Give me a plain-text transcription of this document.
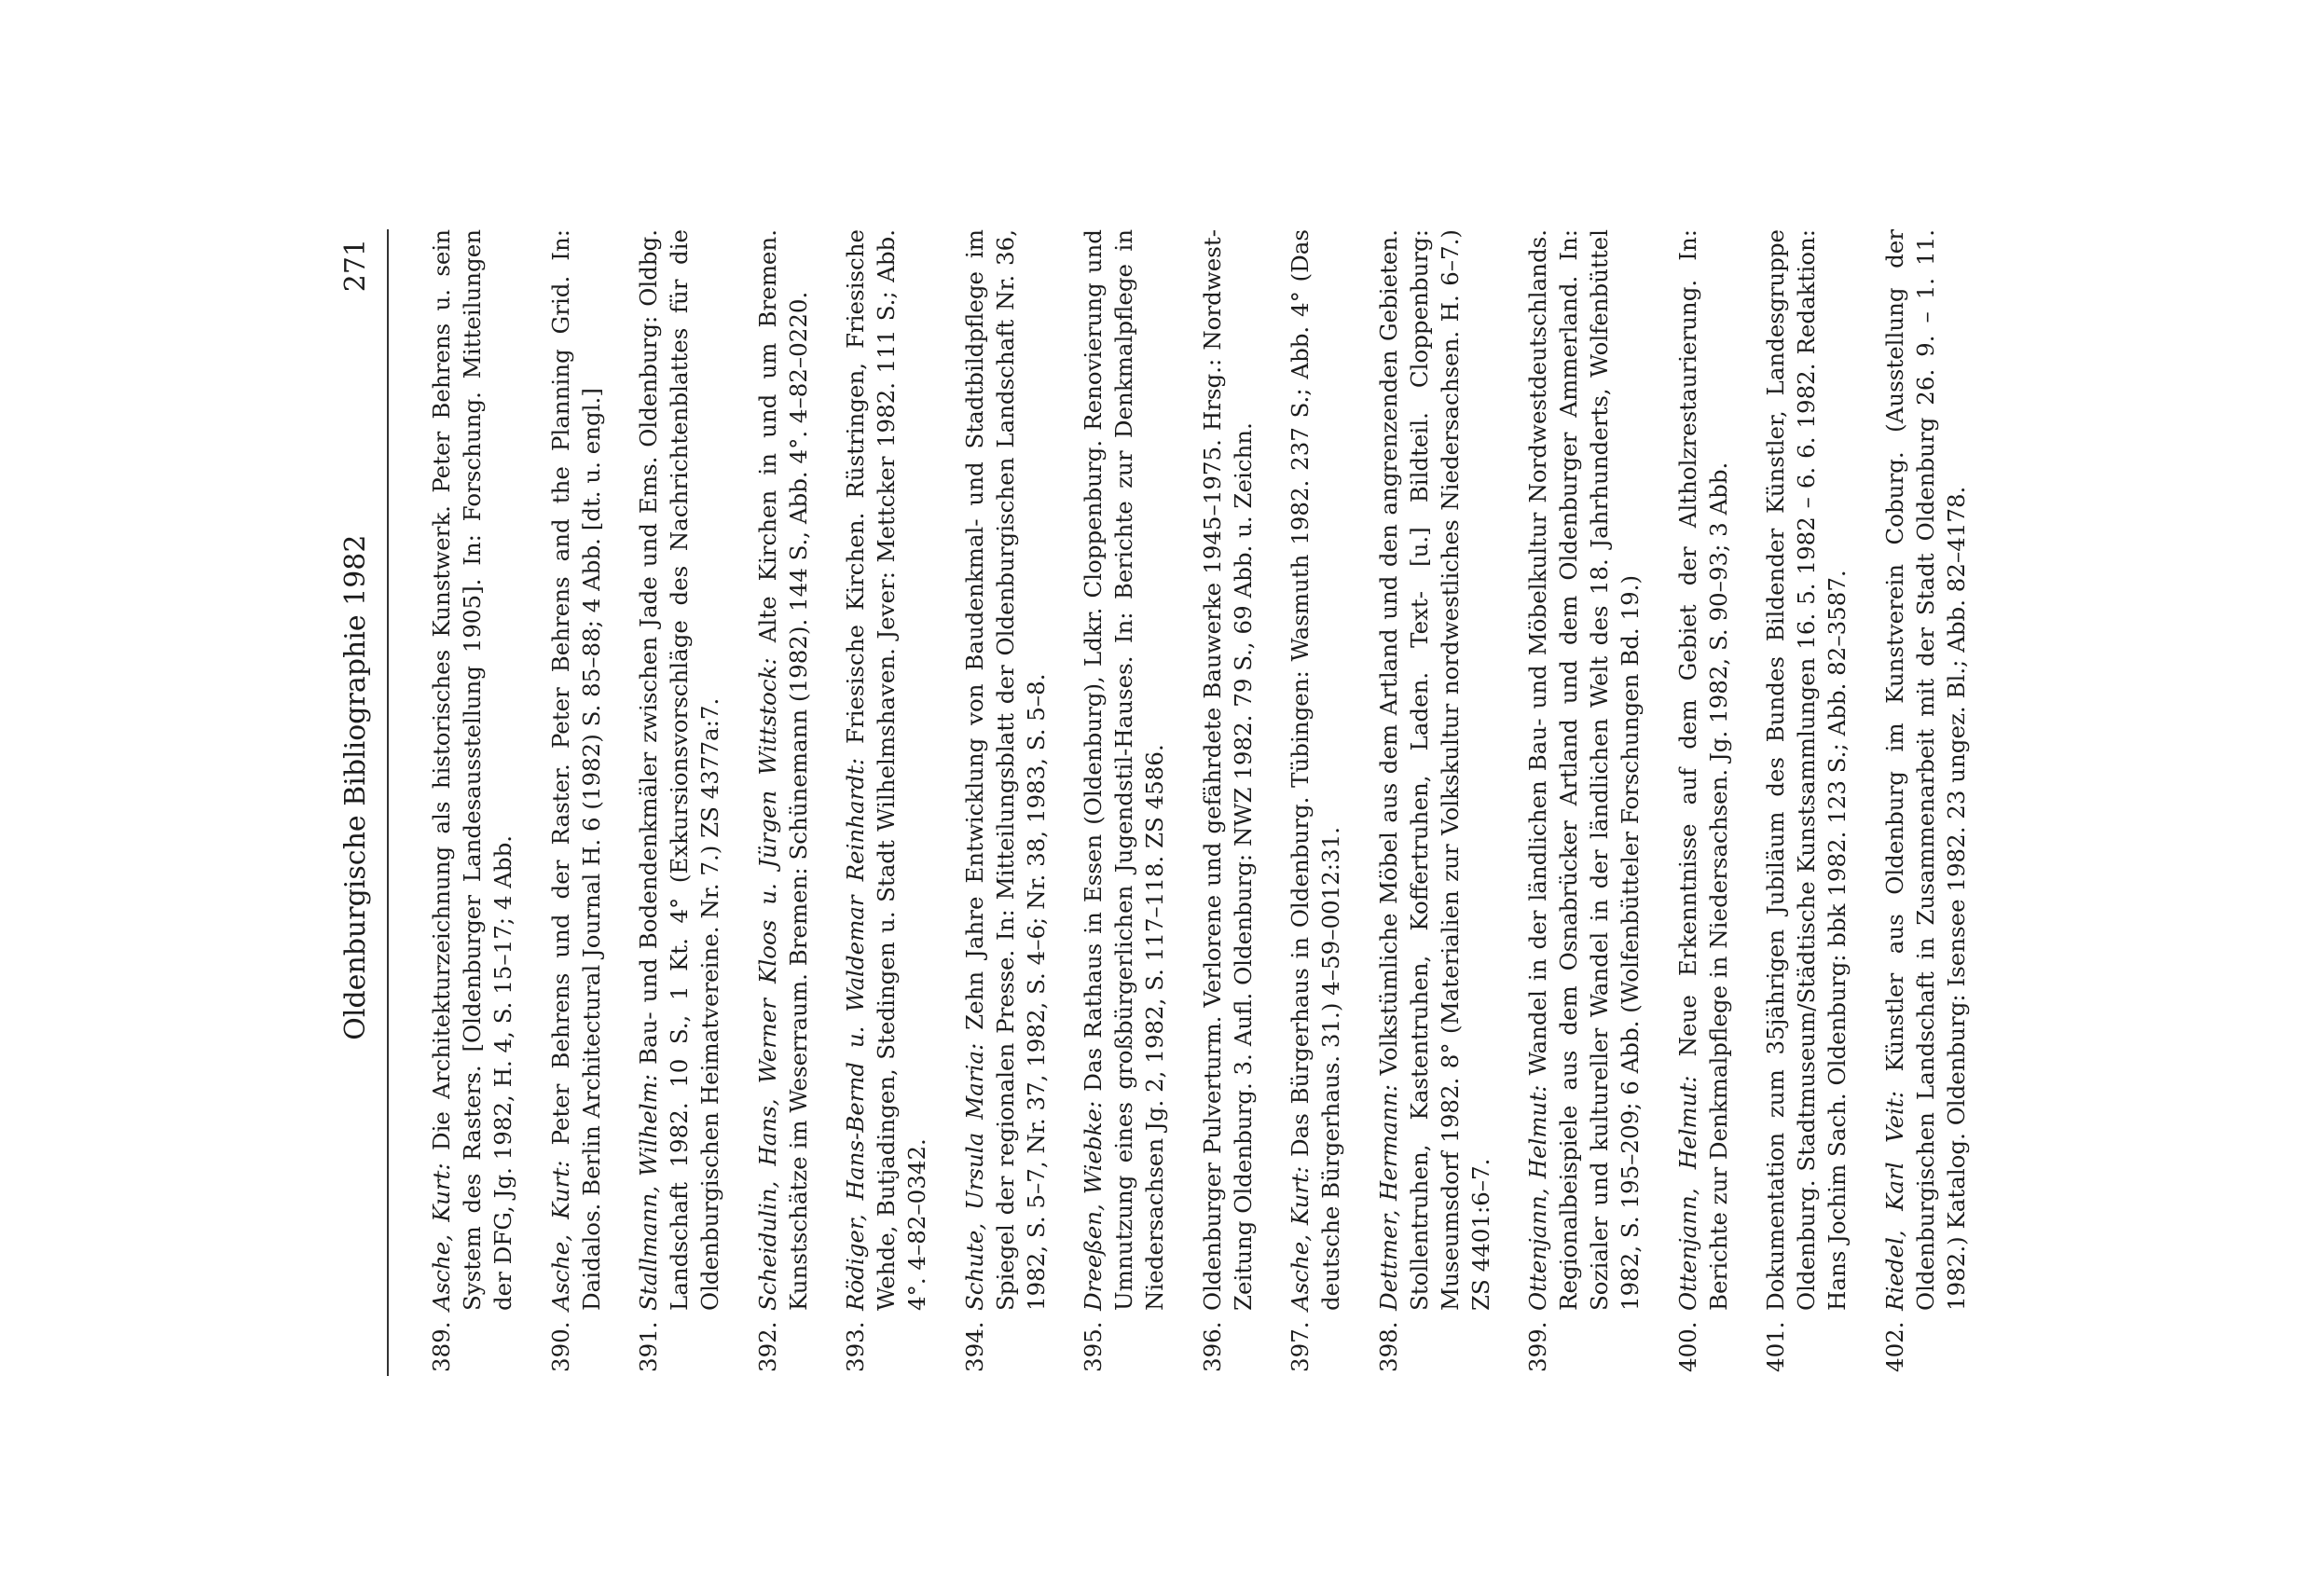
Oldenburgische Bibliographie 1982
271
389.
Asche, Kurt: Die Architekturzeichnung als historisches Kunstwerk. Peter Behrens u. sein System des Rasters. [Oldenburger Landesausstellung 1905]. In: Forschung. Mitteilungen der DFG, Jg. 1982, H. 4, S. 15–17; 4 Abb.
390.
Asche, Kurt: Peter Behrens und der Raster. Peter Behrens and the Planning Grid. In: Daidalos. Berlin Architectural Journal H. 6 (1982) S. 85–88; 4 Abb. [dt. u. engl.]
391.
Stallmann, Wilhelm: Bau- und Bodendenkmäler zwischen Jade und Ems. Oldenburg: Oldbg. Landschaft 1982. 10 S., 1 Kt. 4° (Exkursionsvorschläge des Nachrichtenblattes für die Oldenburgischen Heimatvereine. Nr. 7.) ZS 4377a:7.
392.
Scheidulin, Hans, Werner Kloos u. Jürgen Wittstock: Alte Kirchen in und um Bremen. Kunstschätze im Weserraum. Bremen: Schünemann (1982). 144 S., Abb. 4°. 4–82–0220.
393.
Rödiger, Hans-Bernd u. Waldemar Reinhardt: Friesische Kirchen. Rüstringen, Friesische Wehde, Butjadingen, Stedingen u. Stadt Wilhelmshaven. Jever: Mettcker 1982. 111 S.; Abb. 4°. 4–82–0342.
394.
Schute, Ursula Maria: Zehn Jahre Entwicklung von Baudenkmal- und Stadtbildpflege im Spiegel der regionalen Presse. In: Mitteilungsblatt der Oldenburgischen Landschaft Nr. 36, 1982, S. 5–7, Nr. 37, 1982, S. 4–6; Nr. 38, 1983, S. 5–8.
395.
Dreeßen, Wiebke: Das Rathaus in Essen (Oldenburg), Ldkr. Cloppenburg. Renovierung und Umnutzung eines großbürgerlichen Jugendstil-Hauses. In: Berichte zur Denkmalpflege in Niedersachsen Jg. 2, 1982, S. 117–118. ZS 4586.
396.
Oldenburger Pulverturm. Verlorene und gefährdete Bauwerke 1945–1975. Hrsg.: Nordwest-Zeitung Oldenburg. 3. Aufl. Oldenburg: NWZ 1982. 79 S., 69 Abb. u. Zeichn.
397.
Asche, Kurt: Das Bürgerhaus in Oldenburg. Tübingen: Wasmuth 1982. 237 S.; Abb. 4° (Das deutsche Bürgerhaus. 31.) 4–59–0012:31.
398.
Dettmer, Hermann: Volkstümliche Möbel aus dem Artland und den angrenzenden Gebieten. Stollentruhen, Kastentruhen, Koffertruhen, Laden. Text- [u.] Bildteil. Cloppenburg: Museumsdorf 1982. 8° (Materialien zur Volkskultur nordwestliches Niedersachsen. H. 6–7.) ZS 4401:6–7.
399.
Ottenjann, Helmut: Wandel in der ländlichen Bau- und Möbelkultur Nordwestdeutschlands. Regionalbeispiele aus dem Osnabrücker Artland und dem Oldenburger Ammerland. In: Sozialer und kultureller Wandel in der ländlichen Welt des 18. Jahrhunderts, Wolfenbüttel 1982, S. 195–209; 6 Abb. (Wolfenbütteler Forschungen Bd. 19.)
400.
Ottenjann, Helmut: Neue Erkenntnisse auf dem Gebiet der Altholzrestaurierung. In: Berichte zur Denkmalpflege in Niedersachsen. Jg. 1982, S. 90–93; 3 Abb.
401.
Dokumentation zum 35jährigen Jubiläum des Bundes Bildender Künstler, Landesgruppe Oldenburg. Stadtmuseum/Städtische Kunstsammlungen 16. 5. 1982 – 6. 6. 1982. Redaktion: Hans Jochim Sach. Oldenburg: bbk 1982. 123 S.; Abb. 82–3587.
402.
Riedel, Karl Veit: Künstler aus Oldenburg im Kunstverein Coburg. (Ausstellung der Oldenburgischen Landschaft in Zusammenarbeit mit der Stadt Oldenburg 26. 9. – 1. 11. 1982.) Katalog. Oldenburg: Isensee 1982. 23 ungez. Bl.; Abb. 82–4178.
